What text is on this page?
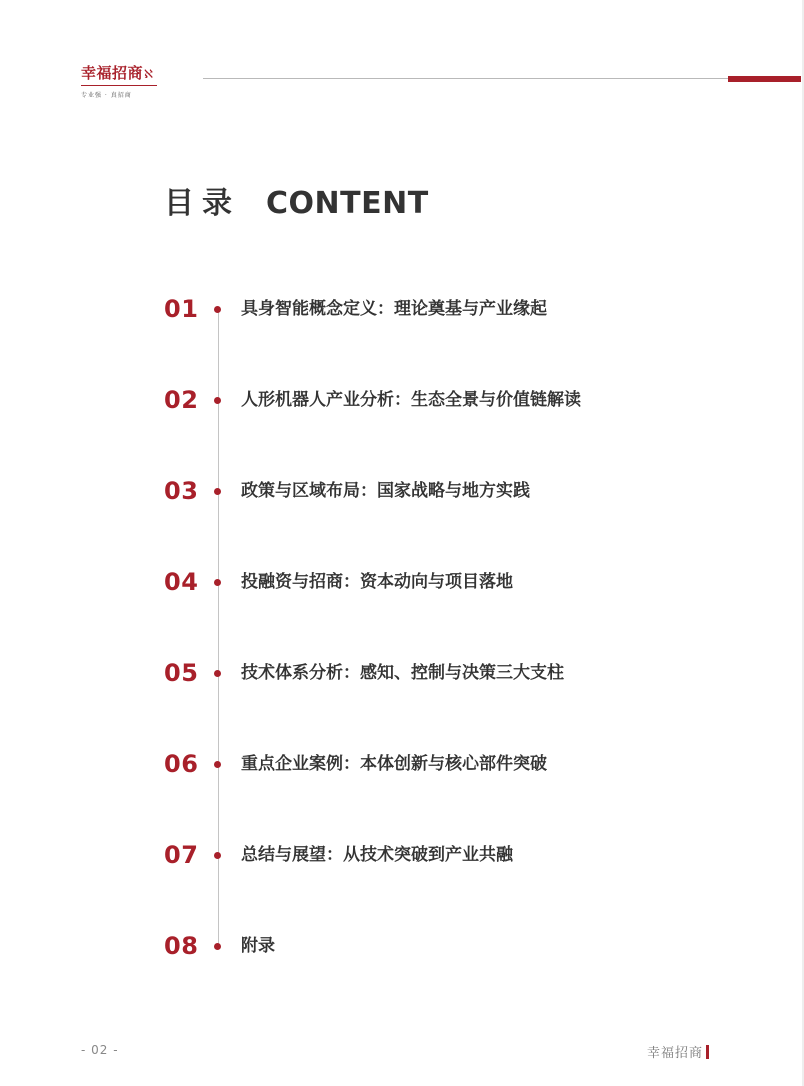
幸福招商ℵ
专业强 · 真招商
目录 CONTENT
01	具身智能概念定义：理论奠基与产业缘起
02	人形机器人产业分析：生态全景与价值链解读
03	政策与区域布局：国家战略与地方实践
04	投融资与招商：资本动向与项目落地
05	技术体系分析：感知、控制与决策三大支柱
06	重点企业案例：本体创新与核心部件突破
07	总结与展望：从技术突破到产业共融
08	附录
- 02 -	幸福招商
